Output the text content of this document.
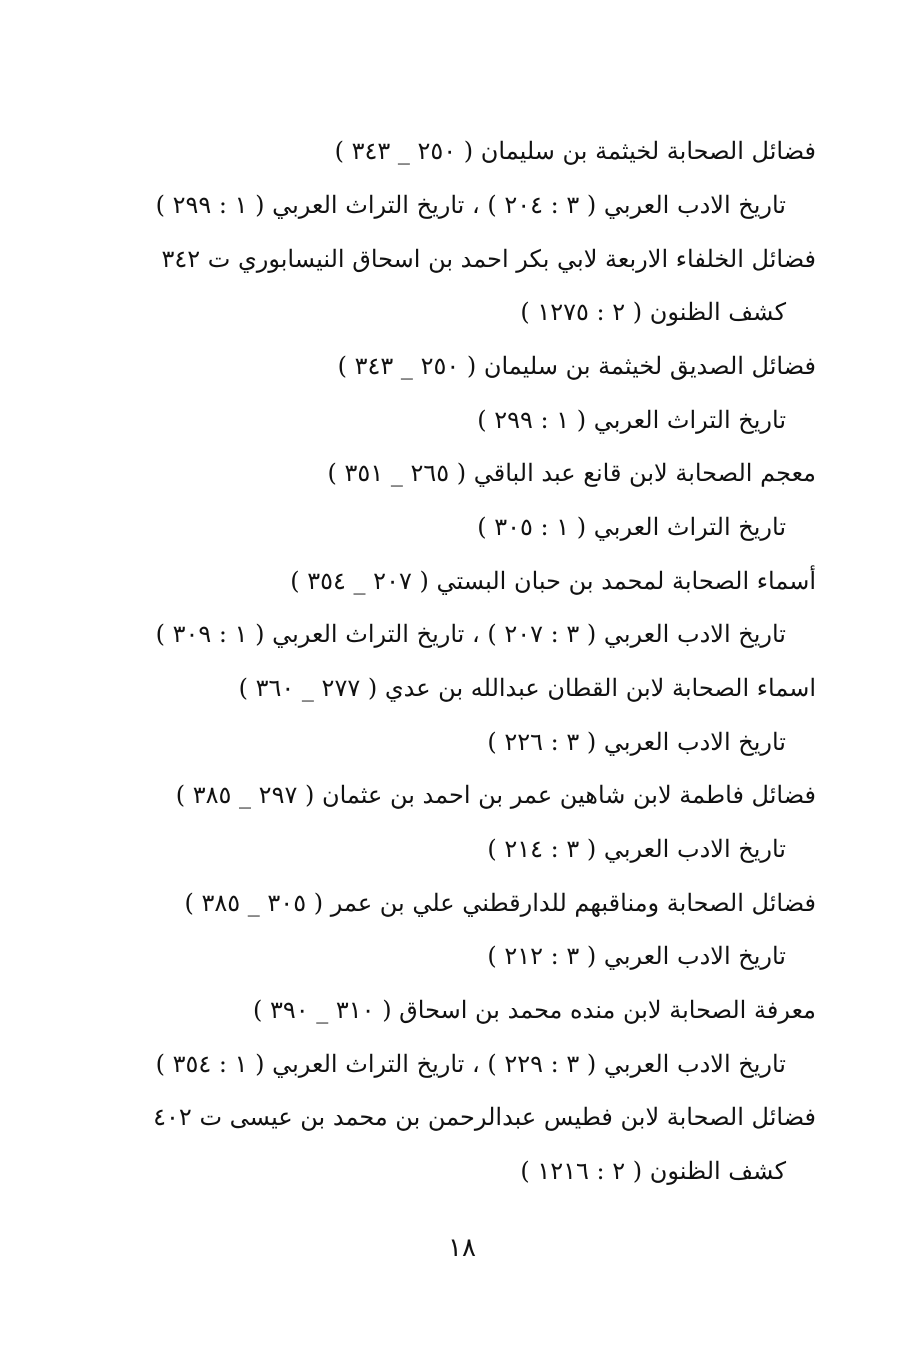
فضائل الصحابة لخيثمة بن سليمان ( ٢٥٠ _ ٣٤٣ )
تاريخ الادب العربي ( ٣ : ٢٠٤ ) ، تاريخ التراث العربي ( ١ : ٢٩٩ )
فضائل الخلفاء الاربعة لابي بكر احمد بن اسحاق النيسابوري ت ٣٤٢
كشف الظنون ( ٢ : ١٢٧٥ )
فضائل الصديق لخيثمة بن سليمان ( ٢٥٠ _ ٣٤٣ )
تاريخ التراث العربي ( ١ : ٢٩٩ )
معجم الصحابة لابن قانع عبد الباقي ( ٢٦٥ _ ٣٥١ )
تاريخ التراث العربي ( ١ : ٣٠٥ )
أسماء الصحابة لمحمد بن حبان البستي ( ٢٠٧ _ ٣٥٤ )
تاريخ الادب العربي ( ٣ : ٢٠٧ ) ، تاريخ التراث العربي ( ١ : ٣٠٩ )
اسماء الصحابة لابن القطان عبدالله بن عدي ( ٢٧٧ _ ٣٦٠ )
تاريخ الادب العربي ( ٣ : ٢٢٦ )
فضائل فاطمة لابن شاهين عمر بن احمد بن عثمان ( ٢٩٧ _ ٣٨٥ )
تاريخ الادب العربي ( ٣ : ٢١٤ )
فضائل الصحابة ومناقبهم للدارقطني علي بن عمر ( ٣٠٥ _ ٣٨٥ )
تاريخ الادب العربي ( ٣ : ٢١٢ )
معرفة الصحابة لابن منده محمد بن اسحاق ( ٣١٠ _ ٣٩٠ )
تاريخ الادب العربي ( ٣ : ٢٢٩ ) ، تاريخ التراث العربي ( ١ : ٣٥٤ )
فضائل الصحابة لابن فطيس عبدالرحمن بن محمد بن عيسى ت ٤٠٢
كشف الظنون ( ٢ : ١٢١٦ )
١٨
